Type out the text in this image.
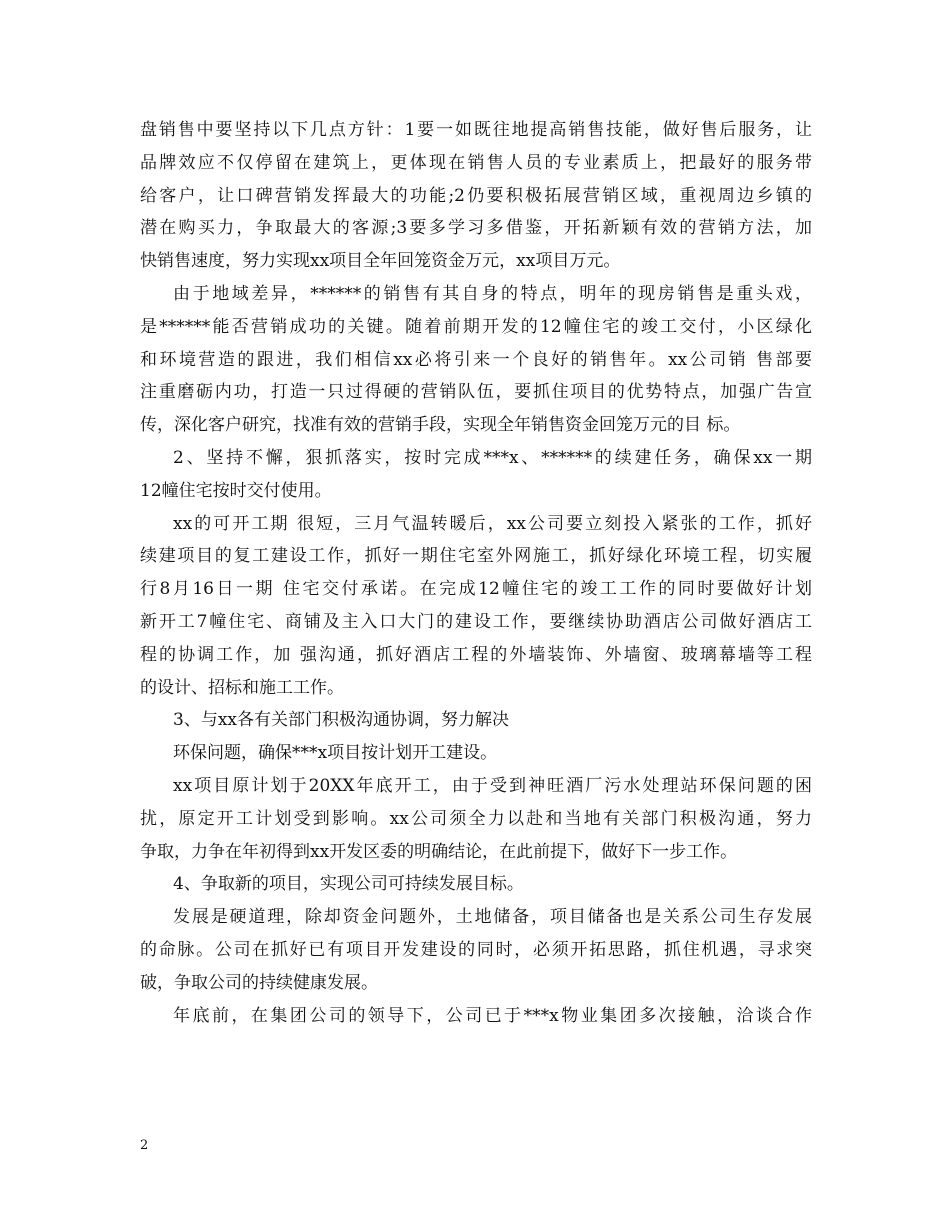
盘销售中要坚持以下几点方针：1要一如既往地提高销售技能，做好售后服务，让
品牌效应不仅停留在建筑上，更体现在销售人员的专业素质上，把最好的服务带
给客户，让口碑营销发挥最大的功能;2仍要积极拓展营销区域，重视周边乡镇的
潜在购买力，争取最大的客源;3要多学习多借鉴，开拓新颖有效的营销方法，加
快销售速度，努力实现xx项目全年回笼资金万元，xx项目万元。
由于地域差异，******的销售有其自身的特点，明年的现房销售是重头戏，
是******能否营销成功的关键。随着前期开发的12幢住宅的竣工交付，小区绿化
和环境营造的跟进，我们相信xx必将引来一个良好的销售年。xx公司销 售部要
注重磨砺内功，打造一只过得硬的营销队伍，要抓住项目的优势特点，加强广告宣
传，深化客户研究，找准有效的营销手段，实现全年销售资金回笼万元的目 标。
2、坚持不懈，狠抓落实，按时完成***x、******的续建任务，确保xx一期
12幢住宅按时交付使用。
xx的可开工期 很短，三月气温转暖后，xx公司要立刻投入紧张的工作，抓好
续建项目的复工建设工作，抓好一期住宅室外网施工，抓好绿化环境工程，切实履
行8月16日一期 住宅交付承诺。在完成12幢住宅的竣工工作的同时要做好计划
新开工7幢住宅、商铺及主入口大门的建设工作，要继续协助酒店公司做好酒店工
程的协调工作，加 强沟通，抓好酒店工程的外墙装饰、外墙窗、玻璃幕墙等工程
的设计、招标和施工工作。
3、与xx各有关部门积极沟通协调，努力解决
环保问题，确保***x项目按计划开工建设。
xx项目原计划于20XX年底开工，由于受到神旺酒厂污水处理站环保问题的困
扰，原定开工计划受到影响。xx公司须全力以赴和当地有关部门积极沟通，努力
争取，力争在年初得到xx开发区委的明确结论，在此前提下，做好下一步工作。
4、争取新的项目，实现公司可持续发展目标。
发展是硬道理，除却资金问题外，土地储备，项目储备也是关系公司生存发展
的命脉。公司在抓好已有项目开发建设的同时，必须开拓思路，抓住机遇，寻求突
破，争取公司的持续健康发展。
年底前，在集团公司的领导下，公司已于***x物业集团多次接触，洽谈合作
2
